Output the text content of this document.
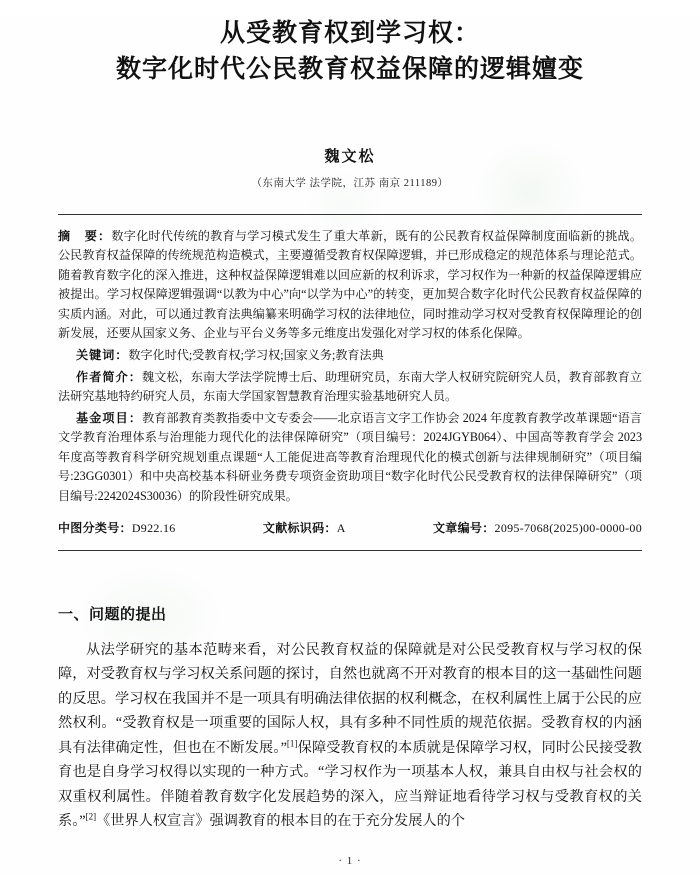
从受教育权到学习权：
数字化时代公民教育权益保障的逻辑嬗变
魏文松
（东南大学 法学院，江苏 南京 211189）

摘　要：数字化时代传统的教育与学习模式发生了重大革新，既有的公民教育权益保障制度面临新的挑战。公民教育权益保障的传统规范构造模式，主要遵循受教育权保障逻辑，并已形成稳定的规范体系与理论范式。随着教育数字化的深入推进，这种权益保障逻辑难以回应新的权利诉求，学习权作为一种新的权益保障逻辑应被提出。学习权保障逻辑强调“以教为中心”向“以学为中心”的转变，更加契合数字化时代公民教育权益保障的实质内涵。对此，可以通过教育法典编纂来明确学习权的法律地位，同时推动学习权对受教育权保障理论的创新发展，还要从国家义务、企业与平台义务等多元维度出发强化对学习权的体系化保障。

关键词：数字化时代;受教育权;学习权;国家义务;教育法典

作者简介：魏文松，东南大学法学院博士后、助理研究员，东南大学人权研究院研究人员，教育部教育立法研究基地特约研究人员，东南大学国家智慧教育治理实验基地研究人员。

基金项目：教育部教育类教指委中文专委会——北京语言文字工作协会 2024 年度教育教学改革课题“语言文学教育治理体系与治理能力现代化的法律保障研究”（项目编号：2024JGYB064）、中国高等教育学会 2023 年度高等教育科学研究规划重点课题“人工能促进高等教育治理现代化的模式创新与法律规制研究”（项目编号:23GG0301）和中央高校基本科研业务费专项资金资助项目“数字化时代公民受教育权的法律保障研究”（项目编号:2242024S30036）的阶段性研究成果。

中图分类号：D922.16	文献标识码：A	文章编号：2095-7068(2025)00-0000-00
一、问题的提出

从法学研究的基本范畴来看，对公民教育权益的保障就是对公民受教育权与学习权的保障，对受教育权与学习权关系问题的探讨，自然也就离不开对教育的根本目的这一基础性问题的反思。学习权在我国并不是一项具有明确法律依据的权利概念，在权利属性上属于公民的应然权利。“受教育权是一项重要的国际人权，具有多种不同性质的规范依据。受教育权的内涵具有法律确定性，但也在不断发展。”[1]保障受教育权的本质就是保障学习权，同时公民接受教育也是自身学习权得以实现的一种方式。“学习权作为一项基本人权，兼具自由权与社会权的双重权利属性。伴随着教育数字化发展趋势的深入，应当辩证地看待学习权与受教育权的关系。”[2]《世界人权宣言》强调教育的根本目的在于充分发展人的个

· 1 ·
